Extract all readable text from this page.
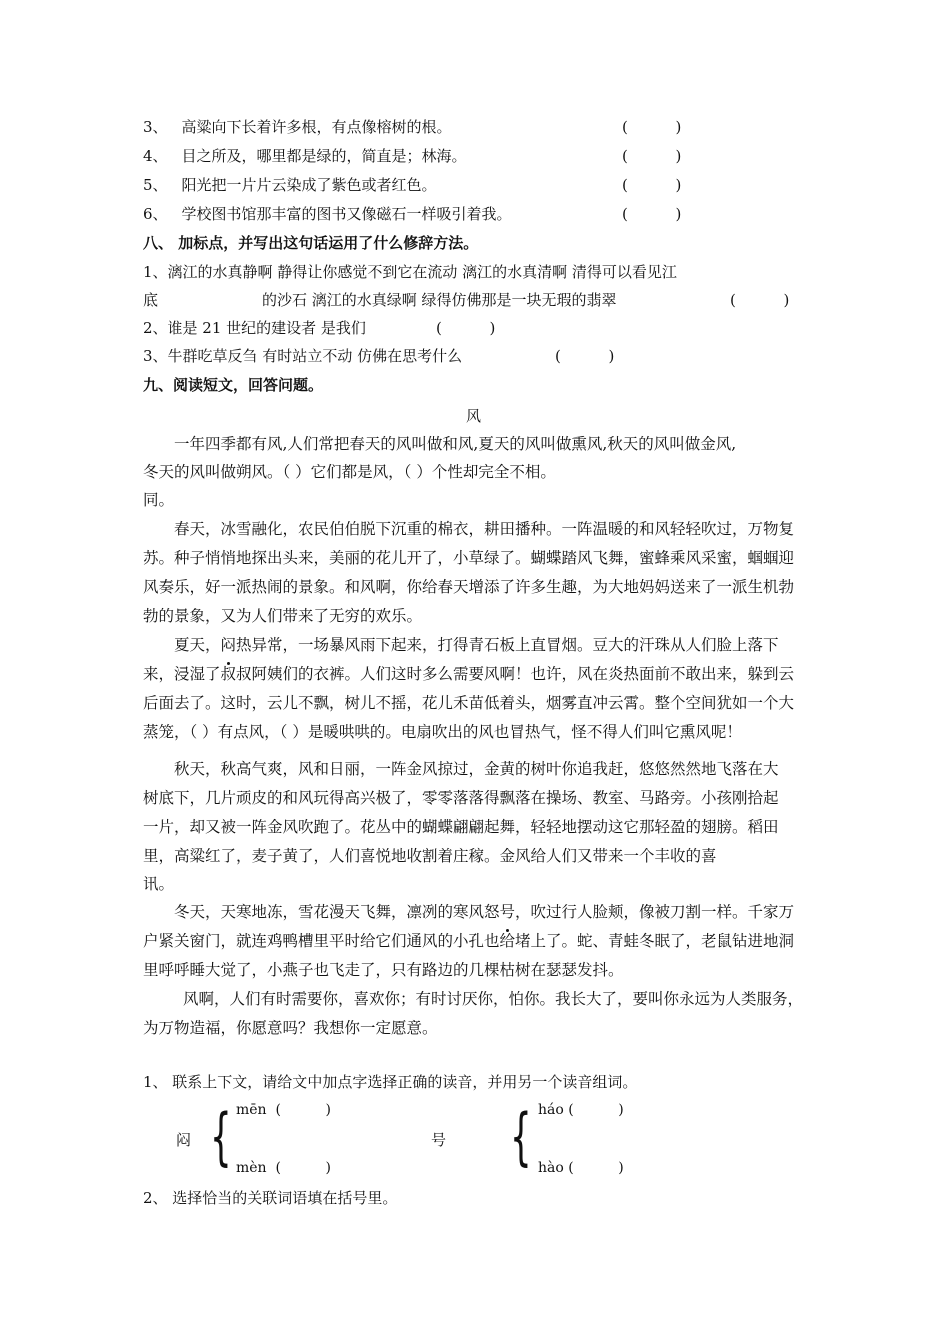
3、 高粱向下长着许多根，有点像榕树的根。	(          )
4、 目之所及，哪里都是绿的，简直是；林海。	(          )
5、 阳光把一片片云染成了紫色或者红色。	(          )
6、 学校图书馆那丰富的图书又像磁石一样吸引着我。	(          )
八、 加标点，并写出这句话运用了什么修辞方法。
1、漓江的水真静啊 静得让你感觉不到它在流动 漓江的水真清啊 清得可以看见江
底	的沙石 漓江的水真绿啊 绿得仿佛那是一块无瑕的翡翠	(          )
2、谁是 21 世纪的建设者 是我们	(          )
3、牛群吃草反刍 有时站立不动 仿佛在思考什么	(          )
九、阅读短文，回答问题。
风
一年四季都有风,人们常把春天的风叫做和风,夏天的风叫做熏风,秋天的风叫做金风,
冬天的风叫做朔风。（ ）它们都是风，（ ）个性却完全不相。
同。
春天，冰雪融化，农民伯伯脱下沉重的棉衣，耕田播种。一阵温暖的和风轻轻吹过，万物复苏。种子悄悄地探出头来，美丽的花儿开了，小草绿了。蝴蝶踏风飞舞，蜜蜂乘风采蜜，蝈蝈迎风奏乐，好一派热闹的景象。和风啊，你给春天增添了许多生趣，为大地妈妈送来了一派生机勃勃的景象，又为人们带来了无穷的欢乐。
夏天，闷热异常，一场暴风雨下起来，打得青石板上直冒烟。豆大的汗珠从人们脸上落下来，浸湿了叔叔阿姨们的衣裤。人们这时多么需要风啊！也许，风在炎热面前不敢出来，躲到云后面去了。这时，云儿不飘，树儿不摇，花儿禾苗低着头，烟雾直冲云霄。整个空间犹如一个大蒸笼，（ ）有点风，（ ）是暖哄哄的。电扇吹出的风也冒热气，怪不得人们叫它熏风呢！
秋天，秋高气爽，风和日丽，一阵金风掠过，金黄的树叶你追我赶，悠悠然然地飞落在大
树底下，几片顽皮的和风玩得高兴极了，零零落落得飘落在操场、教室、马路旁。小孩刚拾起
一片，却又被一阵金风吹跑了。花丛中的蝴蝶翩翩起舞，轻轻地摆动这它那轻盈的翅膀。稻田
里，高粱红了，麦子黄了，人们喜悦地收割着庄稼。金风给人们又带来一个丰收的喜
讯。
冬天，天寒地冻，雪花漫天飞舞，凛冽的寒风怒号，吹过行人脸颊，像被刀割一样。千家万户紧关窗门，就连鸡鸭槽里平时给它们通风的小孔也给堵上了。蛇、青蛙冬眠了，老鼠钻进地洞里呼呼睡大觉了，小燕子也飞走了，只有路边的几棵枯树在瑟瑟发抖。
风啊，人们有时需要你，喜欢你；有时讨厌你，怕你。我长大了，要叫你永远为人类服务，为万物造福，你愿意吗？我想你一定愿意。
1、 联系上下文，请给文中加点字选择正确的读音，并用另一个读音组词。
mēn  (          )
闷 { mèn  (          )
háo (          )
号 { hào (          )
2、 选择恰当的关联词语填在括号里。
